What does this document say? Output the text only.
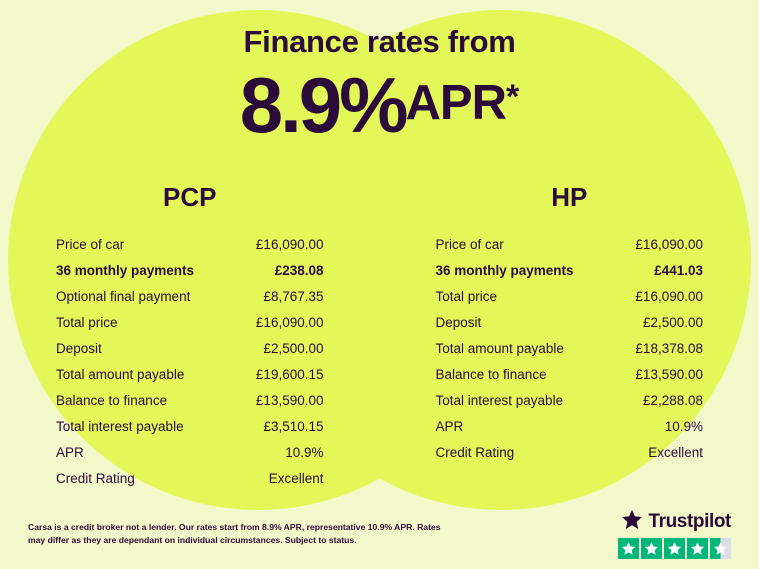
Finance rates from
8.9%APR*
PCP
Price of car	£16,090.00
36 monthly payments	£238.08
Optional final payment	£8,767.35
Total price	£16,090.00
Deposit	£2,500.00
Total amount payable	£19,600.15
Balance to finance	£13,590.00
Total interest payable	£3,510.15
APR	10.9%
Credit Rating	Excellent
HP
Price of car	£16,090.00
36 monthly payments	£441.03
Total price	£16,090.00
Deposit	£2,500.00
Total amount payable	£18,378.08
Balance to finance	£13,590.00
Total interest payable	£2,288.08
APR	10.9%
Credit Rating	Excellent
Carsa is a credit broker not a lender. Our rates start from 8.9% APR, representative 10.9% APR. Rates may differ as they are dependant on individual circumstances. Subject to status.
Trustpilot
